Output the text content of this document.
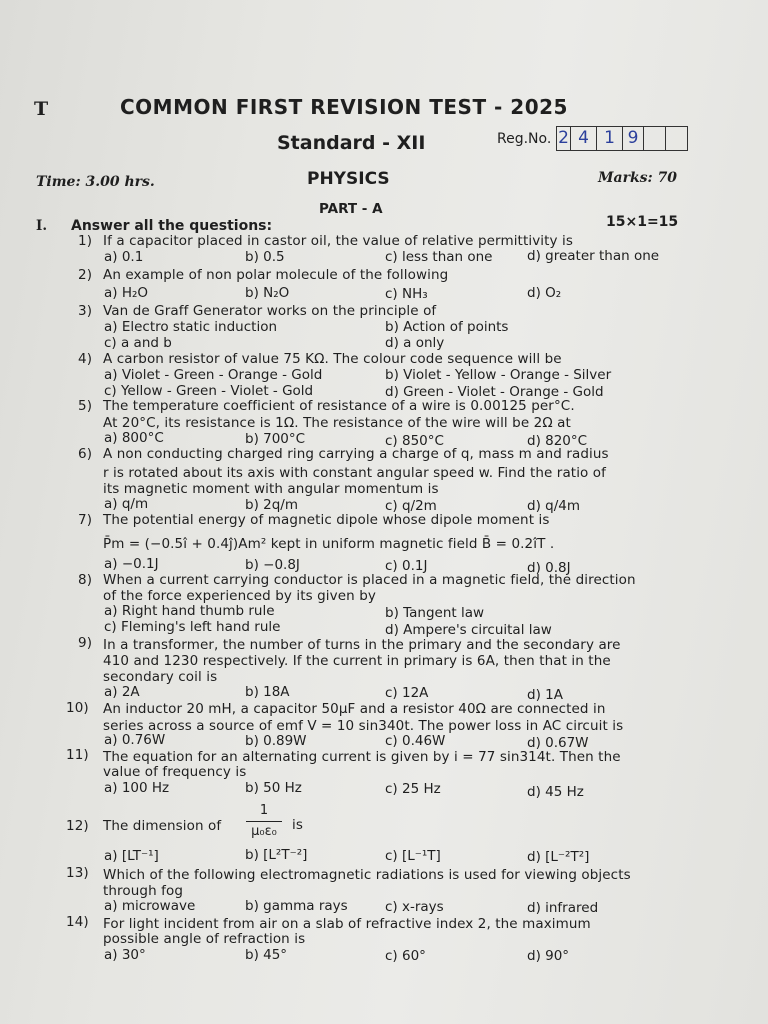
T	COMMON FIRST REVISION TEST - 2025
Standard - XII	Reg.No. 2 4 1 9
Time: 3.00 hrs.	PHYSICS	Marks: 70
PART - A
I. Answer all the questions:	15×1=15
1) If a capacitor placed in castor oil, the value of relative permittivity is
a) 0.1	b) 0.5	c) less than one	d) greater than one
2) An example of non polar molecule of the following
a) H₂O	b) N₂O	c) NH₃	d) O₂
3) Van de Graff Generator works on the principle of
a) Electro static induction	b) Action of points
c) a and b	d) a only
4) A carbon resistor of value 75 KΩ. The colour code sequence will be
a) Violet - Green - Orange - Gold	b) Violet - Yellow - Orange - Silver
c) Yellow - Green - Violet - Gold	d) Green - Violet - Orange - Gold
5) The temperature coefficient of resistance of a wire is 0.00125 per°C.
At 20°C, its resistance is 1Ω. The resistance of the wire will be 2Ω at
a) 800°C	b) 700°C	c) 850°C	d) 820°C
6) A non conducting charged ring carrying a charge of q, mass m and radius
r is rotated about its axis with constant angular speed w. Find the ratio of
its magnetic moment with angular momentum is
a) q/m	b) 2q/m	c) q/2m	d) q/4m
7) The potential energy of magnetic dipole whose dipole moment is
P̄m = (−0.5î + 0.4ĵ)Am² kept in uniform magnetic field B̄ = 0.2îT .
a) −0.1J	b) −0.8J	c) 0.1J	d) 0.8J
8) When a current carrying conductor is placed in a magnetic field, the direction
of the force experienced by its given by
a) Right hand thumb rule	b) Tangent law
c) Fleming's left hand rule	d) Ampere's circuital law
9) In a transformer, the number of turns in the primary and the secondary are
410 and 1230 respectively. If the current in primary is 6A, then that in the
secondary coil is
a) 2A	b) 18A	c) 12A	d) 1A
10) An inductor 20 mH, a capacitor 50μF and a resistor 40Ω are connected in
series across a source of emf V = 10 sin340t. The power loss in AC circuit is
a) 0.76W	b) 0.89W	c) 0.46W	d) 0.67W
11) The equation for an alternating current is given by i = 77 sin314t. Then the
value of frequency is
a) 100 Hz	b) 50 Hz	c) 25 Hz	d) 45 Hz
12) The dimension of
1
μ₀ε₀	is
a) [LT⁻¹]	b) [L²T⁻²]	c) [L⁻¹T]	d) [L⁻²T²]
13) Which of the following electromagnetic radiations is used for viewing objects
through fog
a) microwave	b) gamma rays	c) x-rays	d) infrared
14) For light incident from air on a slab of refractive index 2, the maximum
possible angle of refraction is
a) 30°	b) 45°	c) 60°	d) 90°
